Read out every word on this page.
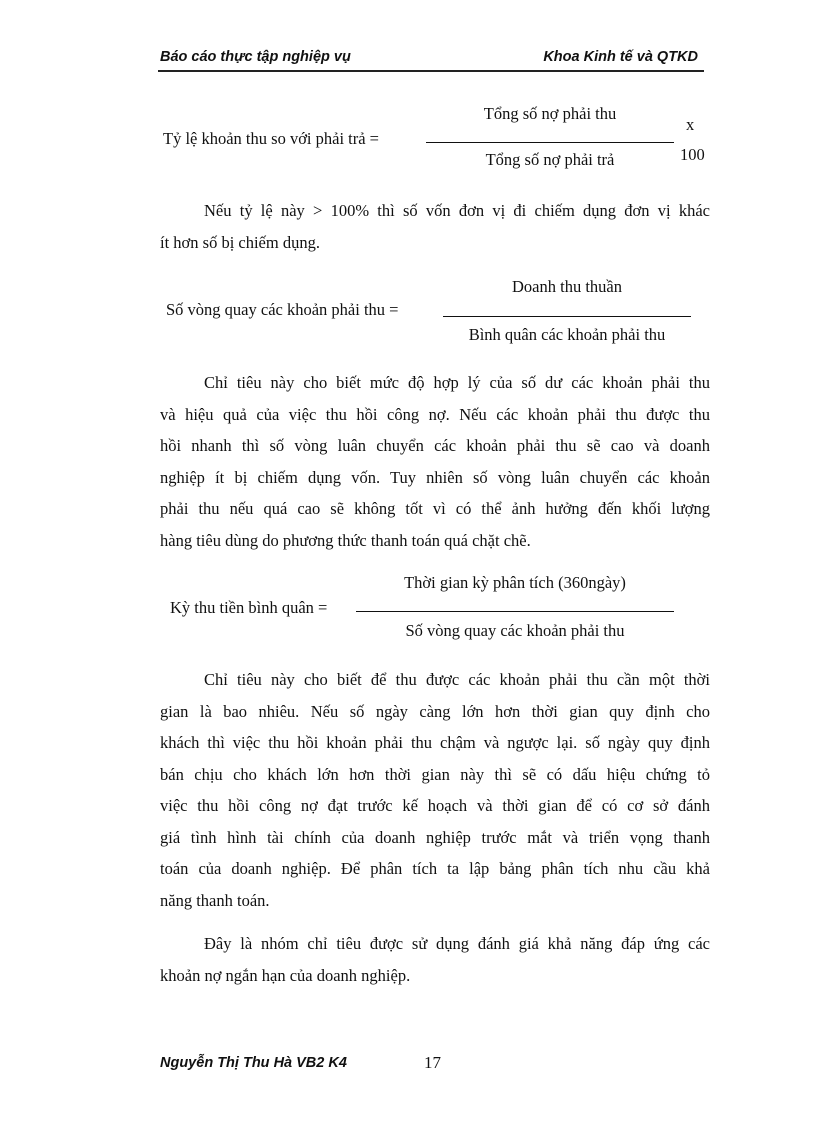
Báo cáo thực tập nghiệp vụ	Khoa Kinh tế và QTKD
Tỷ lệ khoản thu so với phải trả =
Tổng số nợ phải thu
Tổng số nợ phải trả
x
100
Nếu tỷ lệ này > 100% thì số vốn đơn vị đi chiếm dụng đơn vị khác
ít hơn số bị chiếm dụng.
Số vòng quay các khoản phải thu =
Doanh thu thuần
Bình quân các khoản phải thu
Chỉ tiêu này cho biết mức độ hợp lý của số dư các khoản phải thu
và hiệu quả của việc thu hồi công nợ. Nếu các khoản phải thu được thu
hồi nhanh thì số vòng luân chuyển các khoản phải thu sẽ cao và doanh
nghiệp ít bị chiếm dụng vốn. Tuy nhiên số vòng luân chuyển các khoản
phải thu nếu quá cao sẽ không tốt vì có thể ảnh hưởng đến khối lượng
hàng tiêu dùng do phương thức thanh toán quá chặt chẽ.
Kỳ thu tiền bình quân =
Thời gian kỳ phân tích (360ngày)
Số vòng quay các khoản phải thu
Chỉ tiêu này cho biết để thu được các khoản phải thu cần một thời
gian là bao nhiêu. Nếu số ngày càng lớn hơn thời gian quy định cho
khách thì việc thu hồi khoản phải thu chậm và ngược lại. số ngày quy định
bán chịu cho khách lớn hơn thời gian này thì sẽ có dấu hiệu chứng tỏ
việc thu hồi công nợ đạt trước kế hoạch và thời gian để có cơ sở đánh
giá tình hình tài chính của doanh nghiệp trước mắt và triển vọng thanh
toán của doanh nghiệp. Để phân tích ta lập bảng phân tích nhu cầu khả
năng thanh toán.
Đây là nhóm chỉ tiêu được sử dụng đánh giá khả năng đáp ứng các
khoản nợ ngắn hạn của doanh nghiệp.
Nguyễn Thị Thu Hà VB2 K4	17
